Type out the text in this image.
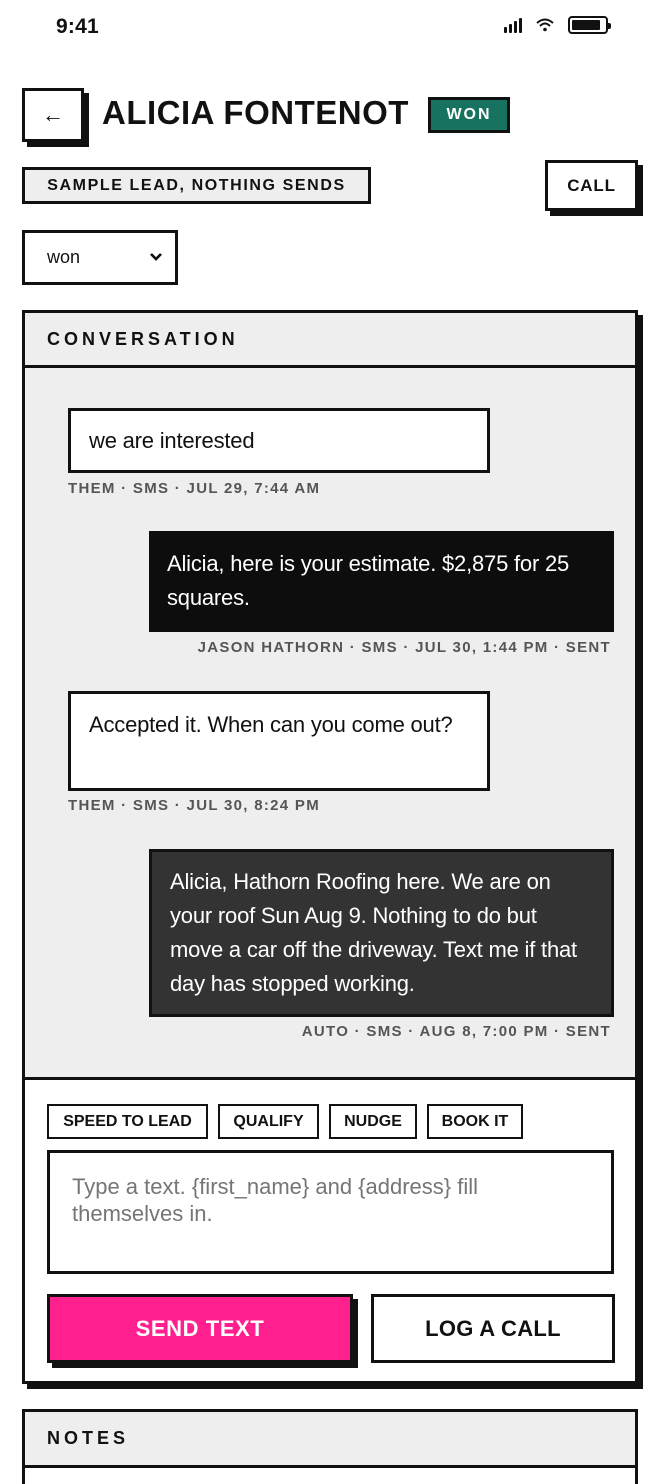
9:41
←	ALICIA FONTENOT	WON
SAMPLE LEAD, NOTHING SENDS	CALL
won
CONVERSATION
we are interested
THEM · SMS · JUL 29, 7:44 AM
Alicia, here is your estimate. $2,875 for 25 squares.
JASON HATHORN · SMS · JUL 30, 1:44 PM · SENT
Accepted it. When can you come out?
THEM · SMS · JUL 30, 8:24 PM
Alicia, Hathorn Roofing here. We are on your roof Sun Aug 9. Nothing to do but move a car off the driveway. Text me if that day has stopped working.
AUTO · SMS · AUG 8, 7:00 PM · SENT
SPEED TO LEAD	QUALIFY	NUDGE	BOOK IT
Type a text. {first_name} and {address} fill themselves in.
SEND TEXT	LOG A CALL
NOTES
